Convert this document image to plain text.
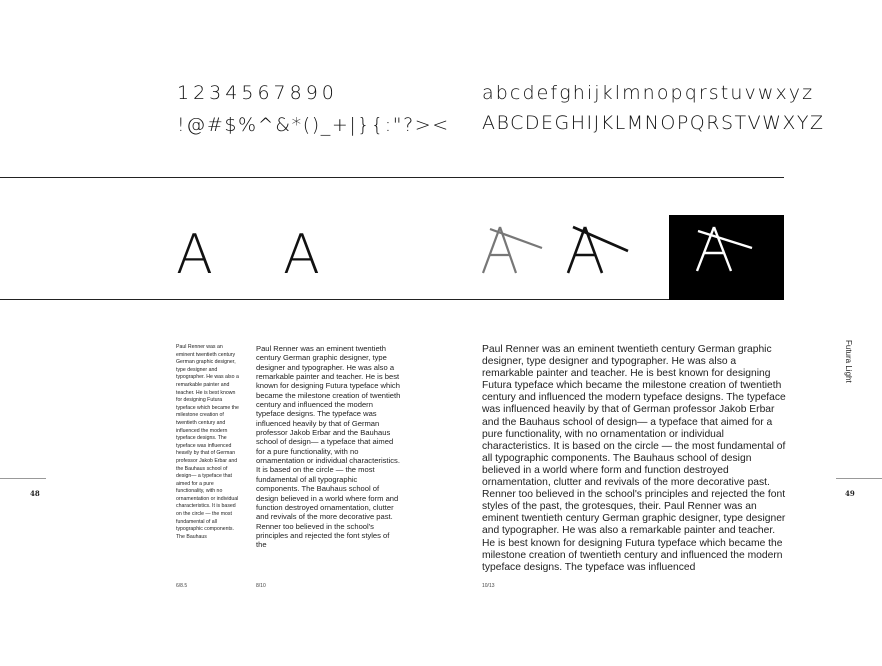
1234567890
!@#$%^&*()_+|}{:"?><
abcdefghijklmnopqrstuvwxyz
ABCDEGHIJKLMNOPQRSTVWXYZ
A A
Paul Renner was an eminent twentieth century German graphic designer, type designer and typographer. He was also a remarkable painter and teacher. He is best known for designing Futura typeface which became the milestone creation of twentieth century and influenced the modern typeface designs. The typeface was influenced heavily by that of German professor Jakob Erbar and the Bauhaus school of design— a typeface that aimed for a pure functionality, with no ornamentation or individual characteristics. It is based on the circle — the most fundamental of all typographic components. The Bauhaus
Paul Renner was an eminent twentieth century German graphic designer, type designer and typographer. He was also a remarkable painter and teacher. He is best known for designing Futura typeface which became the milestone creation of twentieth century and influenced the modern typeface designs. The typeface was influenced heavily by that of German professor Jakob Erbar and the Bauhaus school of design— a typeface that aimed for a pure functionality, with no ornamentation or individual characteristics. It is based on the circle — the most fundamental of all typographic components. The Bauhaus school of design believed in a world where form and function destroyed ornamentation, clutter and revivals of the more decorative past. Renner too believed in the school's principles and rejected the font styles of the
Paul Renner was an eminent twentieth century German graphic designer, type designer and typographer. He was also a remarkable painter and teacher. He is best known for designing Futura typeface which became the milestone creation of twentieth century and influenced the modern typeface designs. The typeface was influenced heavily by that of German professor Jakob Erbar and the Bauhaus school of design— a typeface that aimed for a pure functionality, with no ornamentation or individual characteristics. It is based on the circle — the most fundamental of all typographic components. The Bauhaus school of design believed in a world where form and function destroyed ornamentation, clutter and revivals of the more decorative past. Renner too believed in the school's principles and rejected the font styles of the past, the grotesques, their. Paul Renner was an eminent twentieth century German graphic designer, type designer and typographer. He was also a remarkable painter and teacher. He is best known for designing Futura typeface which became the milestone creation of twentieth century and influenced the modern typeface designs. The typeface was influenced
6/8.5	8/10	10/13
48	49
Futura Light
